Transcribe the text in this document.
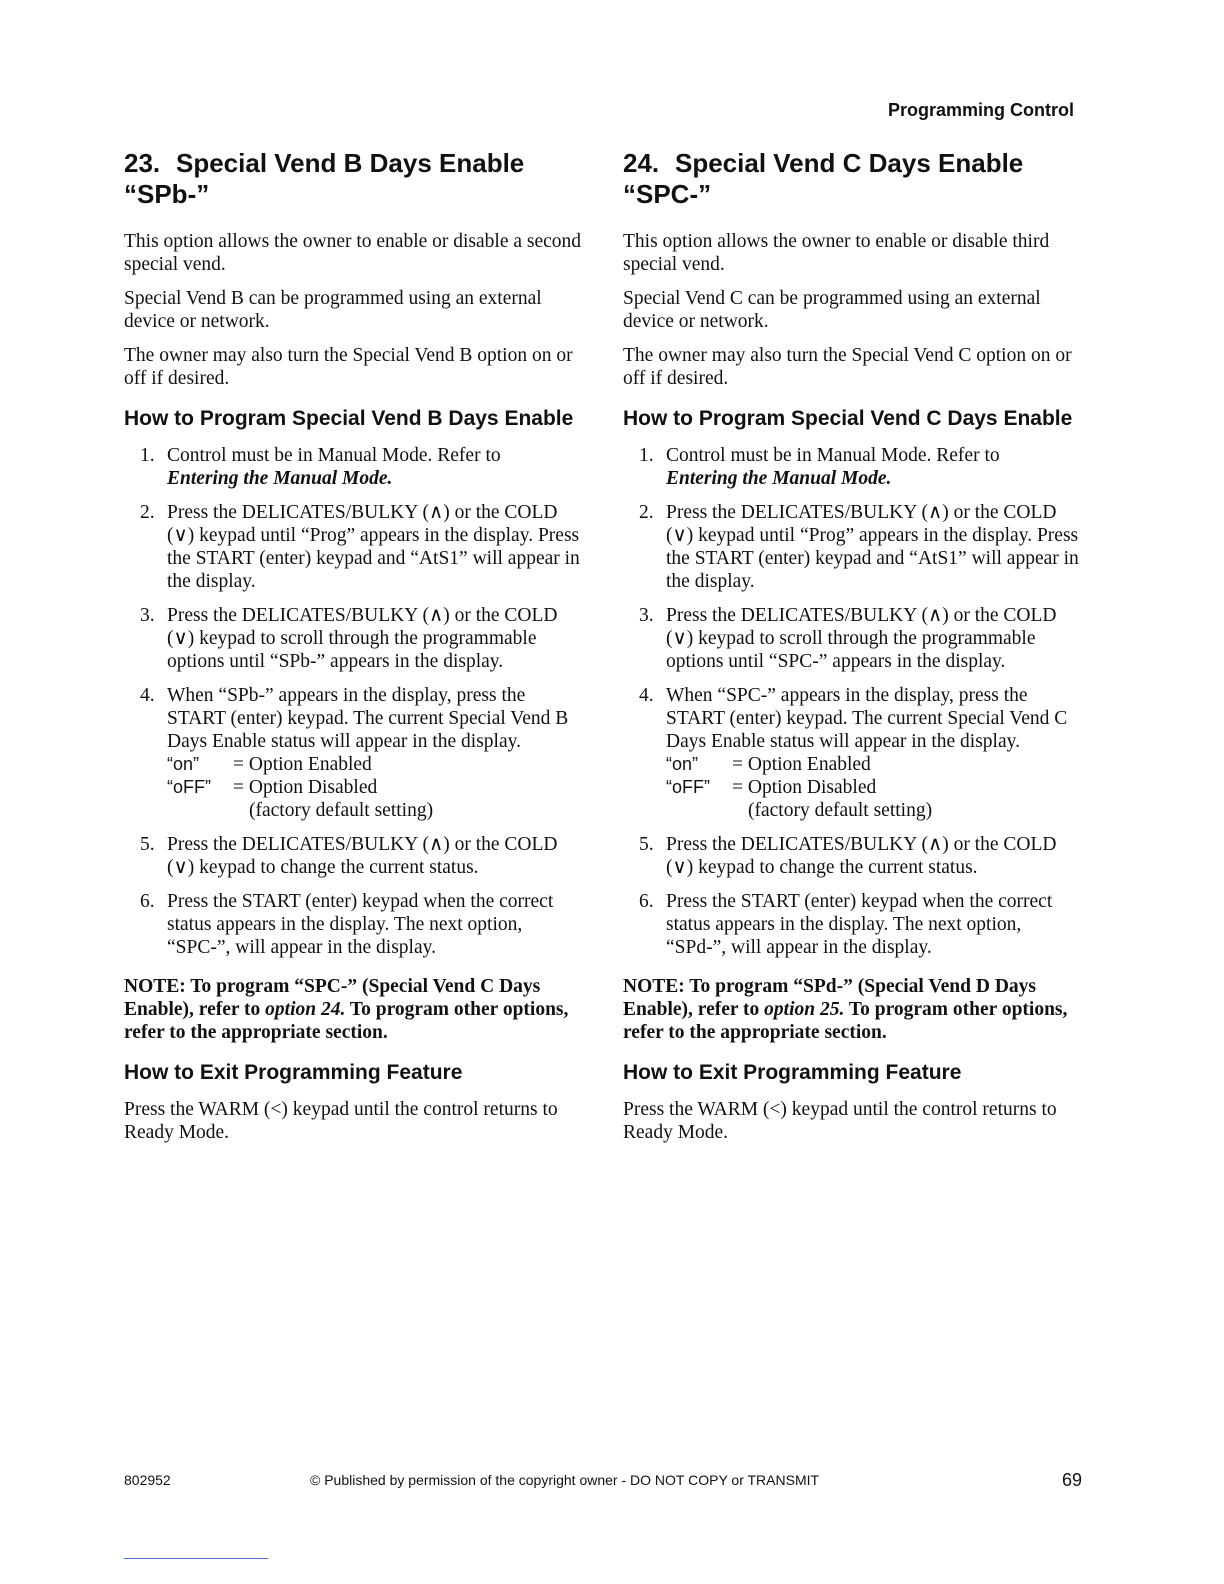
Programming Control
23. Special Vend B Days Enable
“SPb-”

This option allows the owner to enable or disable a second special vend.

Special Vend B can be programmed using an external device or network.

The owner may also turn the Special Vend B option on or off if desired.

How to Program Special Vend B Days Enable
1. Control must be in Manual Mode. Refer to
Entering the Manual Mode.
2. Press the DELICATES/BULKY (∧) or the COLD (∨) keypad until “Prog” appears in the display. Press the START (enter) keypad and “AtS1” will appear in the display.
3. Press the DELICATES/BULKY (∧) or the COLD (∨) keypad to scroll through the programmable options until “SPb-” appears in the display.
4. When “SPb-” appears in the display, press the START (enter) keypad. The current Special Vend B Days Enable status will appear in the display.
“on” = Option Enabled
“oFF” = Option Disabled
(factory default setting)
5. Press the DELICATES/BULKY (∧) or the COLD (∨) keypad to change the current status.
6. Press the START (enter) keypad when the correct status appears in the display. The next option, “SPC-”, will appear in the display.

NOTE: To program “SPC-” (Special Vend C Days Enable), refer to option 24. To program other options, refer to the appropriate section.

How to Exit Programming Feature

Press the WARM (<) keypad until the control returns to Ready Mode.

24. Special Vend C Days Enable
“SPC-”

This option allows the owner to enable or disable third special vend.

Special Vend C can be programmed using an external device or network.

The owner may also turn the Special Vend C option on or off if desired.

How to Program Special Vend C Days Enable
1. Control must be in Manual Mode. Refer to
Entering the Manual Mode.
2. Press the DELICATES/BULKY (∧) or the COLD (∨) keypad until “Prog” appears in the display. Press the START (enter) keypad and “AtS1” will appear in the display.
3. Press the DELICATES/BULKY (∧) or the COLD (∨) keypad to scroll through the programmable options until “SPC-” appears in the display.
4. When “SPC-” appears in the display, press the START (enter) keypad. The current Special Vend C Days Enable status will appear in the display.
“on” = Option Enabled
“oFF” = Option Disabled
(factory default setting)
5. Press the DELICATES/BULKY (∧) or the COLD (∨) keypad to change the current status.
6. Press the START (enter) keypad when the correct status appears in the display. The next option, “SPd-”, will appear in the display.

NOTE: To program “SPd-” (Special Vend D Days Enable), refer to option 25. To program other options, refer to the appropriate section.

How to Exit Programming Feature

Press the WARM (<) keypad until the control returns to Ready Mode.

802952	© Published by permission of the copyright owner - DO NOT COPY or TRANSMIT	69
